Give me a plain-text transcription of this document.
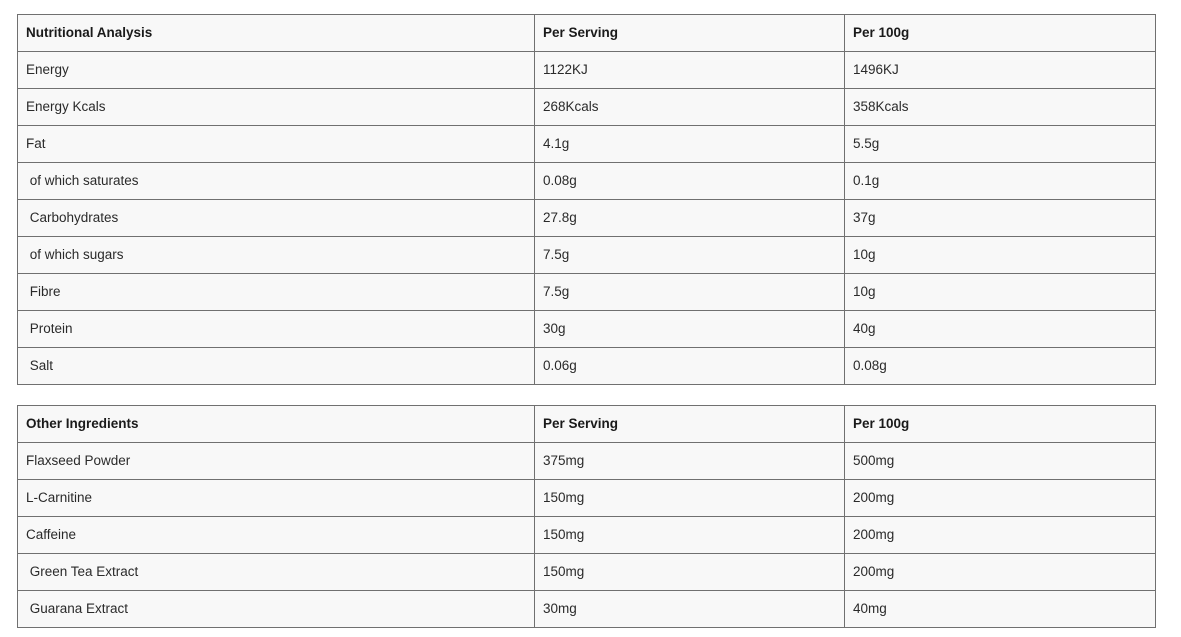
Nutritional Analysis	Per Serving	Per 100g
Energy	1122KJ	1496KJ
Energy Kcals	268Kcals	358Kcals
Fat	4.1g	5.5g
of which saturates	0.08g	0.1g
Carbohydrates	27.8g	37g
of which sugars	7.5g	10g
Fibre	7.5g	10g
Protein	30g	40g
Salt	0.06g	0.08g
Other Ingredients	Per Serving	Per 100g
Flaxseed Powder	375mg	500mg
L-Carnitine	150mg	200mg
Caffeine	150mg	200mg
Green Tea Extract	150mg	200mg
Guarana Extract	30mg	40mg
